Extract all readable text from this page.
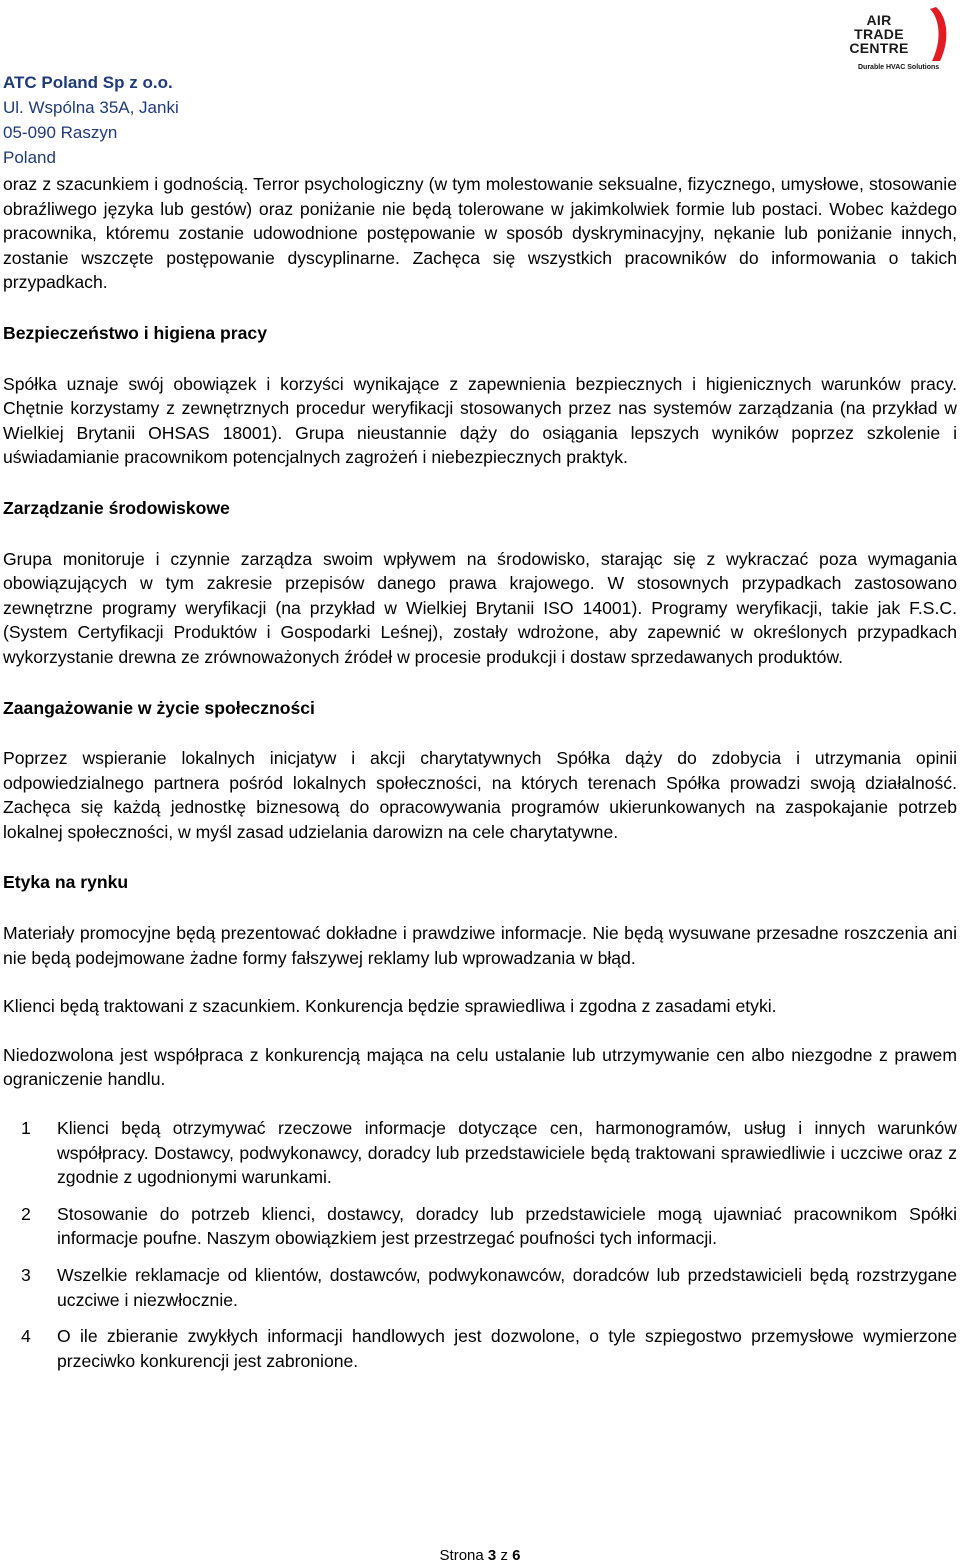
AIR
TRADE
CENTRE
Durable HVAC Solutions
ATC Poland Sp z o.o.
Ul. Wspólna 35A, Janki
05-090 Raszyn
Poland

oraz z szacunkiem i godnością. Terror psychologiczny (w tym molestowanie seksualne, fizycznego, umysłowe, stosowanie obraźliwego języka lub gestów) oraz poniżanie nie będą tolerowane w jakimkolwiek formie lub postaci. Wobec każdego pracownika, któremu zostanie udowodnione postępowanie w sposób dyskryminacyjny, nękanie lub poniżanie innych, zostanie wszczęte postępowanie dyscyplinarne. Zachęca się wszystkich pracowników do informowania o takich przypadkach.

Bezpieczeństwo i higiena pracy

Spółka uznaje swój obowiązek i korzyści wynikające z zapewnienia bezpiecznych i higienicznych warunków pracy. Chętnie korzystamy z zewnętrznych procedur weryfikacji stosowanych przez nas systemów zarządzania (na przykład w Wielkiej Brytanii OHSAS 18001). Grupa nieustannie dąży do osiągania lepszych wyników poprzez szkolenie i uświadamianie pracownikom potencjalnych zagrożeń i niebezpiecznych praktyk.

Zarządzanie środowiskowe

Grupa monitoruje i czynnie zarządza swoim wpływem na środowisko, starając się z wykraczać poza wymagania obowiązujących w tym zakresie przepisów danego prawa krajowego. W stosownych przypadkach zastosowano zewnętrzne programy weryfikacji (na przykład w Wielkiej Brytanii ISO 14001). Programy weryfikacji, takie jak F.S.C. (System Certyfikacji Produktów i Gospodarki Leśnej), zostały wdrożone, aby zapewnić w określonych przypadkach wykorzystanie drewna ze zrównoważonych źródeł w procesie produkcji i dostaw sprzedawanych produktów.

Zaangażowanie w życie społeczności

Poprzez wspieranie lokalnych inicjatyw i akcji charytatywnych Spółka dąży do zdobycia i utrzymania opinii odpowiedzialnego partnera pośród lokalnych społeczności, na których terenach Spółka prowadzi swoją działalność. Zachęca się każdą jednostkę biznesową do opracowywania programów ukierunkowanych na zaspokajanie potrzeb lokalnej społeczności, w myśl zasad udzielania darowizn na cele charytatywne.

Etyka na rynku

Materiały promocyjne będą prezentować dokładne i prawdziwe informacje. Nie będą wysuwane przesadne roszczenia ani nie będą podejmowane żadne formy fałszywej reklamy lub wprowadzania w błąd.

Klienci będą traktowani z szacunkiem. Konkurencja będzie sprawiedliwa i zgodna z zasadami etyki.

Niedozwolona jest współpraca z konkurencją mająca na celu ustalanie lub utrzymywanie cen albo niezgodne z prawem ograniczenie handlu.

1 Klienci będą otrzymywać rzeczowe informacje dotyczące cen, harmonogramów, usług i innych warunków współpracy. Dostawcy, podwykonawcy, doradcy lub przedstawiciele będą traktowani sprawiedliwie i uczciwe oraz z zgodnie z ugodnionymi warunkami.
2 Stosowanie do potrzeb klienci, dostawcy, doradcy lub przedstawiciele mogą ujawniać pracownikom Spółki informacje poufne. Naszym obowiązkiem jest przestrzegać poufności tych informacji.
3 Wszelkie reklamacje od klientów, dostawców, podwykonawców, doradców lub przedstawicieli będą rozstrzygane uczciwe i niezwłocznie.
4 O ile zbieranie zwykłych informacji handlowych jest dozwolone, o tyle szpiegostwo przemysłowe wymierzone przeciwko konkurencji jest zabronione.
Strona 3 z 6
